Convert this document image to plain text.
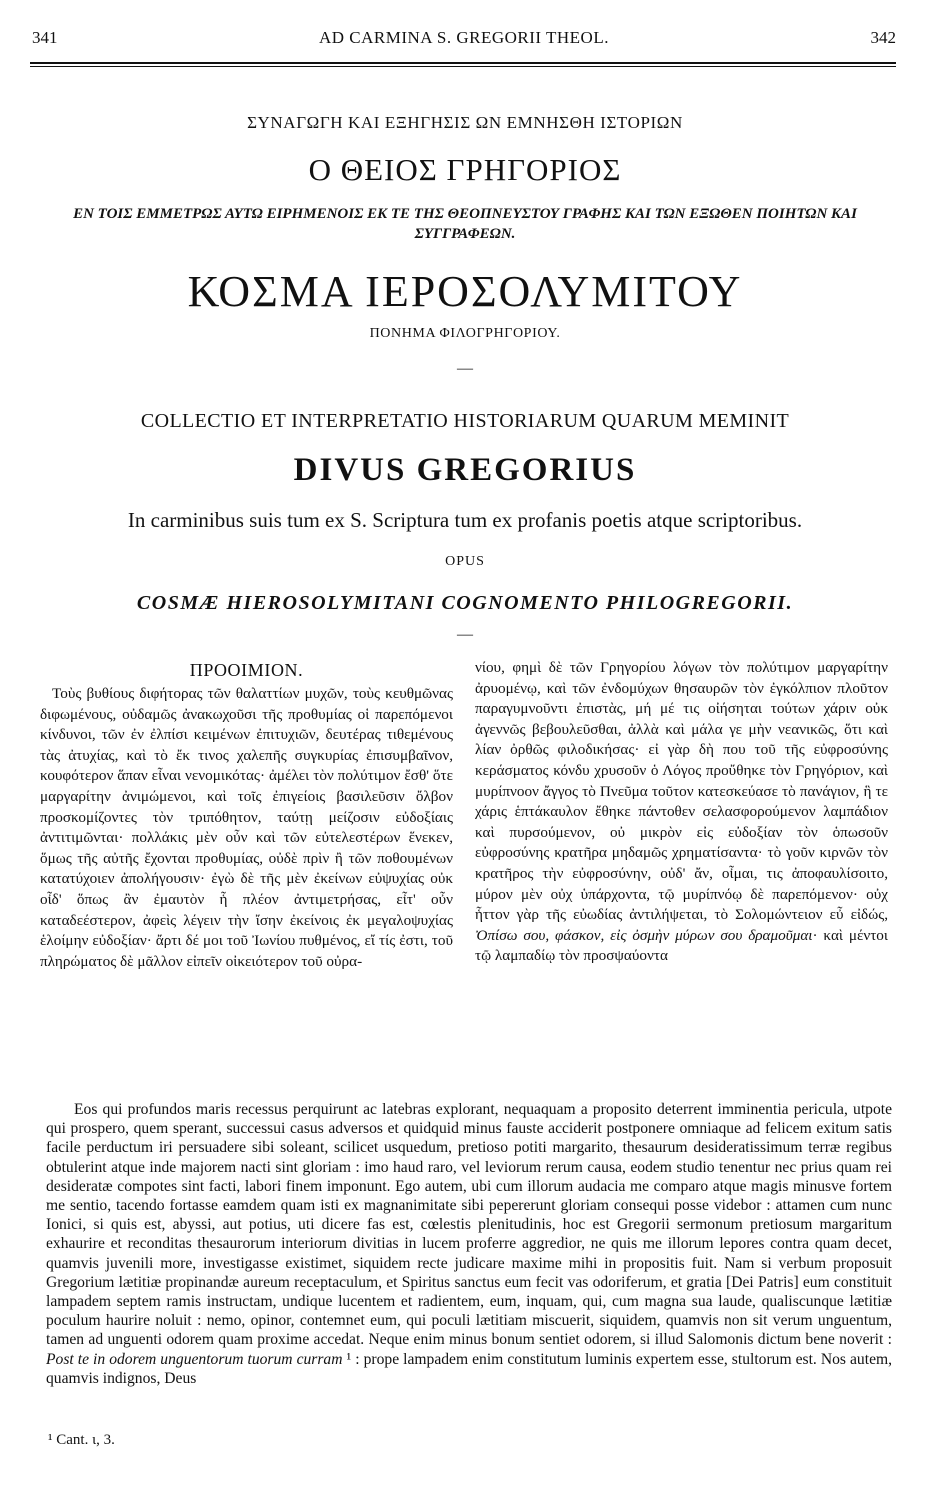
341	AD CARMINA S. GREGORII THEOL.	342
ΣΥΝΑΓΩΓΗ ΚΑΙ ΕΞΗΓΗΣΙΣ ΩΝ ΕΜΝΗΣΘΗ ΙΣΤΟΡΙΩΝ
Ο ΘΕΙΟΣ ΓΡΗΓΟΡΙΟΣ
ΕΝ ΤΟΙΣ ΕΜΜΕΤΡΩΣ ΑΥΤΩ ΕΙΡΗΜΕΝΟΙΣ ΕΚ ΤΕ ΤΗΣ ΘΕΟΠΝΕΥΣΤΟΥ ΓΡΑΦΗΣ ΚΑΙ ΤΩΝ ΕΞΩΘΕΝ ΠΟΙΗΤΩΝ ΚΑΙ ΣΥΓΓΡΑΦΕΩΝ.
ΚΟΣΜΑ ΙΕΡΟΣΟΛΥΜΙΤΟΥ
ΠΟΝΗΜΑ ΦΙΛΟΓΡΗΓΟΡΙΟΥ.
—
COLLECTIO ET INTERPRETATIO HISTORIARUM QUARUM MEMINIT
DIVUS GREGORIUS
In carminibus suis tum ex S. Scriptura tum ex profanis poetis atque scriptoribus.
OPUS
COSMÆ HIEROSOLYMITANI COGNOMENTO PHILOGREGORII.
—
ΠΡΟΟΙΜΙΟΝ.

Τοὺς βυθίους διφήτορας τῶν θαλαττίων μυχῶν, τοὺς κευθμῶνας διφωμένους, οὐδαμῶς ἀνακωχοῦσι τῆς προθυμίας οἱ παρεπόμενοι κίνδυνοι, τῶν ἐν ἐλπίσι κειμένων ἐπιτυχιῶν, δευτέρας τιθεμένους τὰς ἀτυχίας, καὶ τὸ ἔκ τινος χαλεπῆς συγκυρίας ἐπισυμβαῖνον, κουφότερον ἅπαν εἶναι νενομικότας· ἀμέλει τὸν πολύτιμον ἔσθ' ὅτε μαργαρίτην ἀνιμώμενοι, καὶ τοῖς ἐπιγείοις βασιλεῦσιν ὄλβον προσκομίζοντες τὸν τριπόθητον, ταύτῃ μείζοσιν εὐδοξίαις ἀντιτιμῶνται· πολλάκις μὲν οὖν καὶ τῶν εὐτελεστέρων ἕνεκεν, ὅμως τῆς αὐτῆς ἔχονται προθυμίας, οὐδὲ πρὶν ἢ τῶν ποθουμένων κατατύχοιεν ἀπολήγουσιν· ἐγὼ δὲ τῆς μὲν ἐκείνων εὐψυχίας οὐκ οἶδ' ὅπως ἂν ἐμαυτὸν ἧ πλέον ἀντιμετρήσας, εἶτ' οὖν καταδεέστερον, ἀφεὶς λέγειν τὴν ἴσην ἐκείνοις ἐκ μεγαλοψυχίας ἑλοίμην εὐδοξίαν· ἄρτι δέ μοι τοῦ Ἰωνίου πυθμένος, εἴ τίς ἐστι, τοῦ πληρώματος δὲ μᾶλλον εἰπεῖν οἰκειότερον τοῦ οὐρα-

νίου, φημὶ δὲ τῶν Γρηγορίου λόγων τὸν πολύτιμον μαργαρίτην ἀρυομένῳ, καὶ τῶν ἐνδομύχων θησαυρῶν τὸν ἐγκόλπιον πλοῦτον παραγυμνοῦντι ἐπιστὰς, μή μέ τις οἰήσηται τούτων χάριν οὐκ ἀγεννῶς βεβουλεῦσθαι, ἀλλὰ καὶ μάλα γε μὴν νεανικῶς, ὅτι καὶ λίαν ὀρθῶς φιλοδικήσας· εἰ γὰρ δὴ που τοῦ τῆς εὐφροσύνης κεράσματος κόνδυ χρυσοῦν ὁ Λόγος προὔθηκε τὸν Γρηγόριον, καὶ μυρίπνοον ἄγγος τὸ Πνεῦμα τοῦτον κατεσκεύασε τὸ πανάγιον, ἣ τε χάρις ἑπτάκαυλον ἔθηκε πάντοθεν σελασφορούμενον λαμπάδιον καὶ πυρσούμενον, οὐ μικρὸν εἰς εὐδοξίαν τὸν ὁπωσοῦν εὐφροσύνης κρατῆρα μηδαμῶς χρηματίσαντα· τὸ γοῦν κιρνῶν τὸν κρατῆρος τὴν εὐφροσύνην, οὐδ' ἄν, οἶμαι, τις ἀποφαυλίσοιτο, μύρον μὲν οὐχ ὑπάρχοντα, τῷ μυρίπνόῳ δὲ παρεπόμενον· οὐχ ἧττον γὰρ τῆς εὐωδίας ἀντιλήψεται, τὸ Σολομώντειον εὖ εἰδώς, Ὀπίσω σου, φάσκον, εἰς ὀσμὴν μύρων σου δραμοῦμαι· καὶ μέντοι τῷ λαμπαδίῳ τὸν προσψαύοντα

Eos qui profundos maris recessus perquirunt ac latebras explorant, nequaquam a proposito deterrent imminentia pericula, utpote qui prospero, quem sperant, successui casus adversos et quidquid minus fauste acciderit postponere omniaque ad felicem exitum satis facile perductum iri persuadere sibi soleant, scilicet usquedum, pretioso potiti margarito, thesaurum desideratissimum terræ regibus obtulerint atque inde majorem nacti sint gloriam : imo haud raro, vel leviorum rerum causa, eodem studio tenentur nec prius quam rei desideratæ compotes sint facti, labori finem imponunt. Ego autem, ubi cum illorum audacia me comparo atque magis minusve fortem me sentio, tacendo fortasse eamdem quam isti ex magnanimitate sibi pepererunt gloriam consequi posse videbor : attamen cum nunc Ionici, si quis est, abyssi, aut potius, uti dicere fas est, cœlestis plenitudinis, hoc est Gregorii sermonum pretiosum margaritum exhaurire et reconditas thesaurorum interiorum divitias in lucem proferre aggredior, ne quis me illorum lepores contra quam decet, quamvis juvenili more, investigasse existimet, siquidem recte judicare maxime mihi in propositis fuit. Nam si verbum proposuit Gregorium lætitiæ propinandæ aureum receptaculum, et Spiritus sanctus eum fecit vas odoriferum, et gratia [Dei Patris] eum constituit lampadem septem ramis instructam, undique lucentem et radientem, eum, inquam, qui, cum magna sua laude, qualiscunque lætitiæ poculum haurire noluit : nemo, opinor, contemnet eum, qui poculi lætitiam miscuerit, siquidem, quamvis non sit verum unguentum, tamen ad unguenti odorem quam proxime accedat. Neque enim minus bonum sentiet odorem, si illud Salomonis dictum bene noverit : Post te in odorem unguentorum tuorum curram ¹ : prope lampadem enim constitutum luminis expertem esse, stultorum est. Nos autem, quamvis indignos, Deus

¹ Cant. ι, 3.
